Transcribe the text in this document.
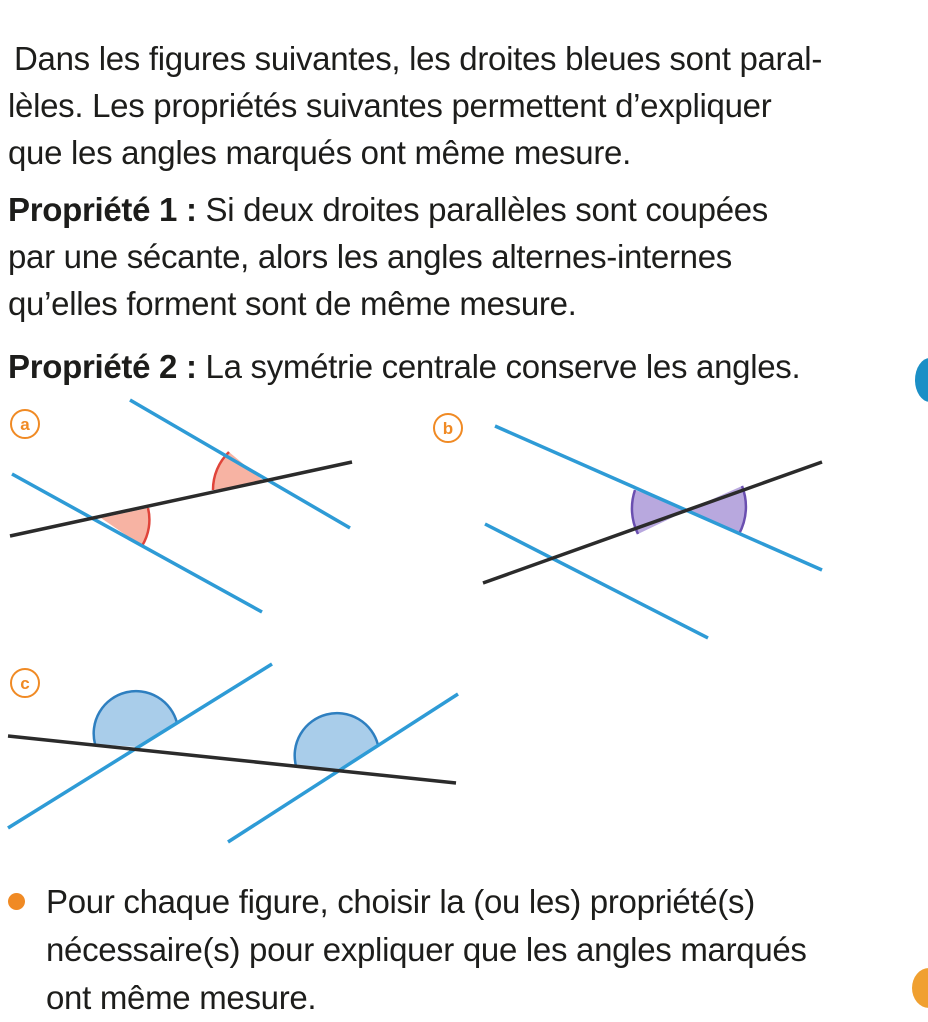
Dans les figures suivantes, les droites bleues sont paral-
lèles. Les propriétés suivantes permettent d’expliquer
que les angles marqués ont même mesure.
Propriété 1 : Si deux droites parallèles sont coupées
par une sécante, alors les angles alternes-internes
qu’elles forment sont de même mesure.
Propriété 2 : La symétrie centrale conserve les angles.
a	b
c
Pour chaque figure, choisir la (ou les) propriété(s)
nécessaire(s) pour expliquer que les angles marqués
ont même mesure.
